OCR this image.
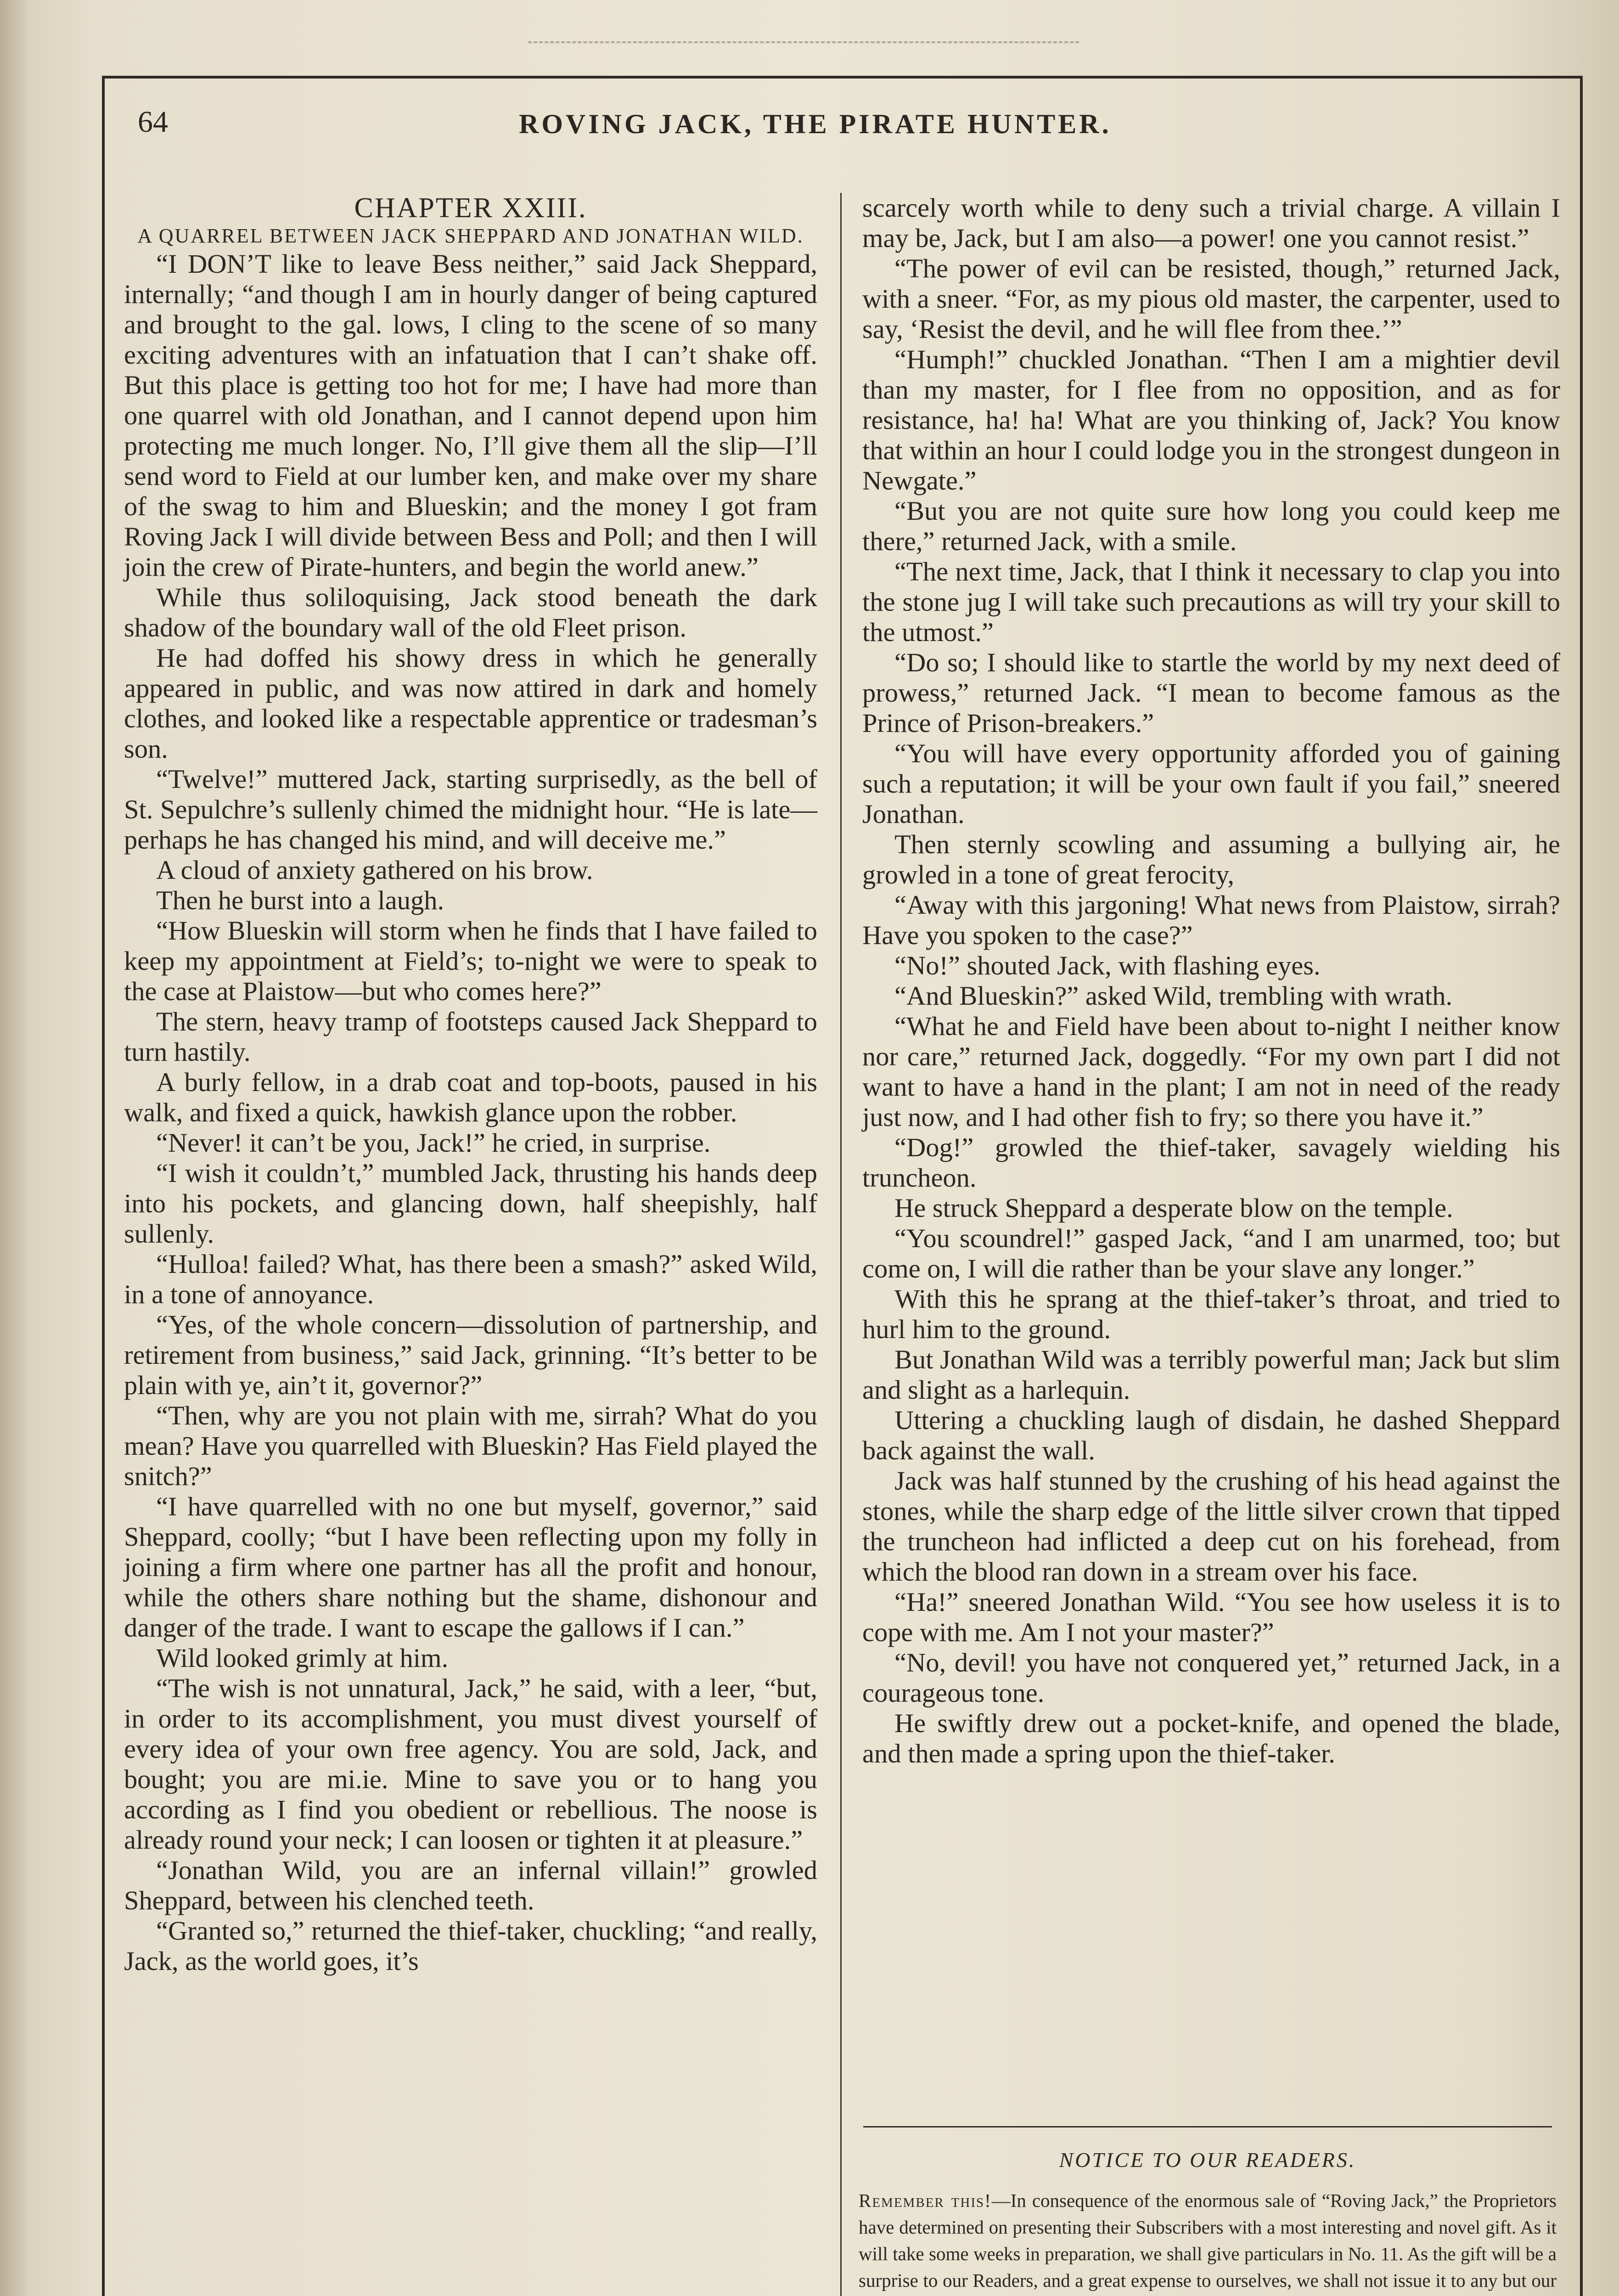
64	ROVING JACK, THE PIRATE HUNTER.

CHAPTER XXIII.

A QUARREL BETWEEN JACK SHEPPARD AND JONATHAN WILD.

“I DON’T like to leave Bess neither,” said Jack Sheppard, internally; “and though I am in hourly danger of being captured and brought to the gal. lows, I cling to the scene of so many exciting adventures with an infatuation that I can’t shake off. But this place is getting too hot for me; I have had more than one quarrel with old Jonathan, and I cannot depend upon him protecting me much longer. No, I’ll give them all the slip—I’ll send word to Field at our lumber ken, and make over my share of the swag to him and Blueskin; and the money I got fram Roving Jack I will divide between Bess and Poll; and then I will join the crew of Pirate-hunters, and begin the world anew.”

While thus soliloquising, Jack stood beneath the dark shadow of the boundary wall of the old Fleet prison.

He had doffed his showy dress in which he generally appeared in public, and was now attired in dark and homely clothes, and looked like a respectable apprentice or tradesman’s son.

“Twelve!” muttered Jack, starting surprisedly, as the bell of St. Sepulchre’s sullenly chimed the midnight hour. “He is late—perhaps he has changed his mind, and will deceive me.”

A cloud of anxiety gathered on his brow.

Then he burst into a laugh.

“How Blueskin will storm when he finds that I have failed to keep my appointment at Field’s; to-night we were to speak to the case at Plaistow—but who comes here?”

The stern, heavy tramp of footsteps caused Jack Sheppard to turn hastily.

A burly fellow, in a drab coat and top-boots, paused in his walk, and fixed a quick, hawkish glance upon the robber.

“Never! it can’t be you, Jack!” he cried, in surprise.

“I wish it couldn’t,” mumbled Jack, thrusting his hands deep into his pockets, and glancing down, half sheepishly, half sullenly.

“Hulloa! failed? What, has there been a smash?” asked Wild, in a tone of annoyance.

“Yes, of the whole concern—dissolution of partnership, and retirement from business,” said Jack, grinning. “It’s better to be plain with ye, ain’t it, governor?”

“Then, why are you not plain with me, sirrah? What do you mean? Have you quarrelled with Blueskin? Has Field played the snitch?”

“I have quarrelled with no one but myself, governor,” said Sheppard, coolly; “but I have been reflecting upon my folly in joining a firm where one partner has all the profit and honour, while the others share nothing but the shame, dishonour and danger of the trade. I want to escape the gallows if I can.”

Wild looked grimly at him.

“The wish is not unnatural, Jack,” he said, with a leer, “but, in order to its accomplishment, you must divest yourself of every idea of your own free agency. You are sold, Jack, and bought; you are mi.ie. Mine to save you or to hang you according as I find you obedient or rebellious. The noose is already round your neck; I can loosen or tighten it at pleasure.”

“Jonathan Wild, you are an infernal villain!” growled Sheppard, between his clenched teeth.

“Granted so,” returned the thief-taker, chuckling; “and really, Jack, as the world goes, it’s

scarcely worth while to deny such a trivial charge. A villain I may be, Jack, but I am also—a power! one you cannot resist.”

“The power of evil can be resisted, though,” returned Jack, with a sneer. “For, as my pious old master, the carpenter, used to say, ‘Resist the devil, and he will flee from thee.’”

“Humph!” chuckled Jonathan. “Then I am a mightier devil than my master, for I flee from no opposition, and as for resistance, ha! ha! What are you thinking of, Jack? You know that within an hour I could lodge you in the strongest dungeon in Newgate.”

“But you are not quite sure how long you could keep me there,” returned Jack, with a smile.

“The next time, Jack, that I think it necessary to clap you into the stone jug I will take such precautions as will try your skill to the utmost.”

“Do so; I should like to startle the world by my next deed of prowess,” returned Jack. “I mean to become famous as the Prince of Prison-breakers.”

“You will have every opportunity afforded you of gaining such a reputation; it will be your own fault if you fail,” sneered Jonathan.

Then sternly scowling and assuming a bullying air, he growled in a tone of great ferocity,

“Away with this jargoning! What news from Plaistow, sirrah? Have you spoken to the case?”

“No!” shouted Jack, with flashing eyes.

“And Blueskin?” asked Wild, trembling with wrath.

“What he and Field have been about to-night I neither know nor care,” returned Jack, doggedly. “For my own part I did not want to have a hand in the plant; I am not in need of the ready just now, and I had other fish to fry; so there you have it.”

“Dog!” growled the thief-taker, savagely wielding his truncheon.

He struck Sheppard a desperate blow on the temple.

“You scoundrel!” gasped Jack, “and I am unarmed, too; but come on, I will die rather than be your slave any longer.”

With this he sprang at the thief-taker’s throat, and tried to hurl him to the ground.

But Jonathan Wild was a terribly powerful man; Jack but slim and slight as a harlequin.

Uttering a chuckling laugh of disdain, he dashed Sheppard back against the wall.

Jack was half stunned by the crushing of his head against the stones, while the sharp edge of the little silver crown that tipped the truncheon had inflicted a deep cut on his forehead, from which the blood ran down in a stream over his face.

“Ha!” sneered Jonathan Wild. “You see how useless it is to cope with me. Am I not your master?”

“No, devil! you have not conquered yet,” returned Jack, in a courageous tone.

He swiftly drew out a pocket-knife, and opened the blade, and then made a spring upon the thief-taker.

NOTICE TO OUR READERS.

Remember this!—In consequence of the enormous sale of “Roving Jack,” the Proprietors have determined on presenting their Subscribers with a most interesting and novel gift. As it will take some weeks in preparation, we shall give particulars in No. 11. As the gift will be a surprise to our Readers, and a great expense to ourselves, we shall not issue it to any but our
